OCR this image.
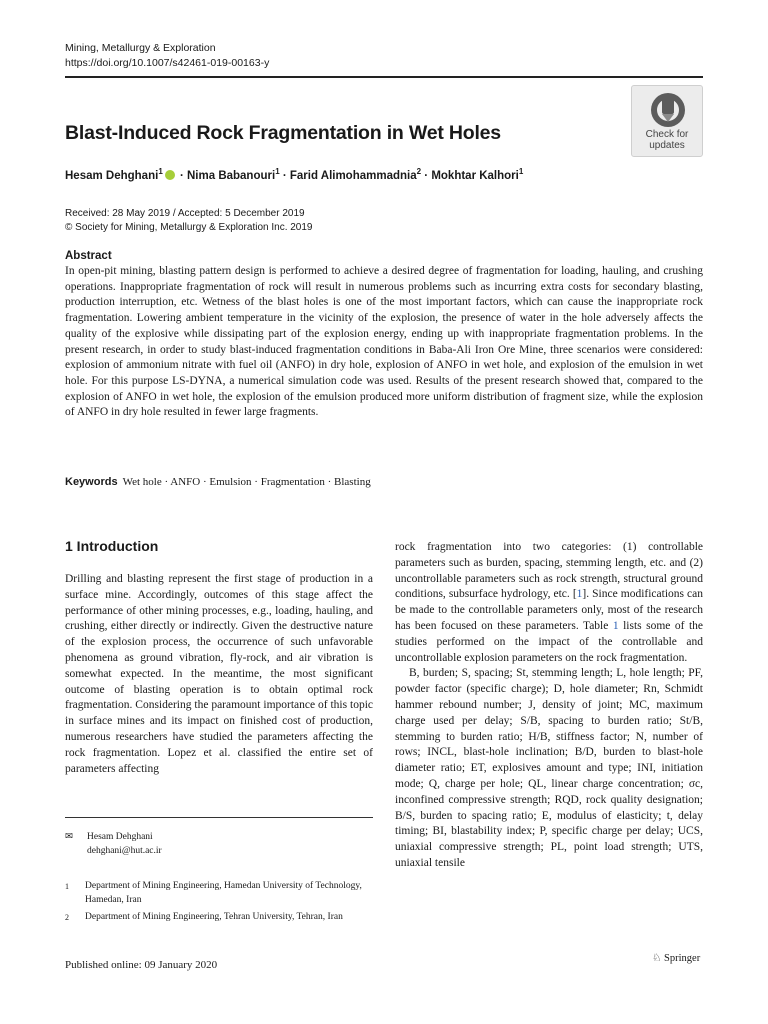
Mining, Metallurgy & Exploration
https://doi.org/10.1007/s42461-019-00163-y
Blast-Induced Rock Fragmentation in Wet Holes	Check for
updates
Hesam Dehghani$^1$ · Nima Babanouri$^1$ · Farid Alimohammadnia$^2$ · Mokhtar Kalhori$^1$
Received: 28 May 2019 / Accepted: 5 December 2019
© Society for Mining, Metallurgy & Exploration Inc. 2019
Abstract
In open-pit mining, blasting pattern design is performed to achieve a desired degree of fragmentation for loading, hauling, and crushing operations. Inappropriate fragmentation of rock will result in numerous problems such as incurring extra costs for secondary blasting, production interruption, etc. Wetness of the blast holes is one of the most important factors, which can cause the inappropriate rock fragmentation. Lowering ambient temperature in the vicinity of the explosion, the presence of water in the hole adversely affects the quality of the explosive while dissipating part of the explosion energy, ending up with inappropriate fragmentation problems. In the present research, in order to study blast-induced fragmentation conditions in Baba-Ali Iron Ore Mine, three scenarios were considered: explosion of ammonium nitrate with fuel oil (ANFO) in dry hole, explosion of ANFO in wet hole, and explosion of the emulsion in wet hole. For this purpose LS-DYNA, a numerical simulation code was used. Results of the present research showed that, compared to the explosion of ANFO in wet hole, the explosion of the emulsion produced more uniform distribution of fragment size, while the explosion of ANFO in dry hole resulted in fewer large fragments.
Keywords Wet hole · ANFO · Emulsion · Fragmentation · Blasting
1 Introduction
Drilling and blasting represent the first stage of production in a surface mine. Accordingly, outcomes of this stage affect the performance of other mining processes, e.g., loading, hauling, and crushing, either directly or indirectly. Given the destructive nature of the explosion process, the occurrence of such unfavorable phenomena as ground vibration, fly-rock, and air vibration is somewhat expected. In the meantime, the most significant outcome of blasting operation is to obtain optimal rock fragmentation. Considering the paramount importance of this topic in surface mines and its impact on finished cost of production, numerous researchers have studied the parameters affecting the rock fragmentation. Lopez et al. classified the entire set of parameters affecting

rock fragmentation into two categories: (1) controllable parameters such as burden, spacing, stemming length, etc. and (2) uncontrollable parameters such as rock strength, structural ground conditions, subsurface hydrology, etc. [1]. Since modifications can be made to the controllable parameters only, most of the research has been focused on these parameters. Table 1 lists some of the studies performed on the impact of the controllable and uncontrollable explosion parameters on the rock fragmentation.

B, burden; S, spacing; St, stemming length; L, hole length; PF, powder factor (specific charge); D, hole diameter; Rn, Schmidt hammer rebound number; J, density of joint; MC, maximum charge used per delay; S/B, spacing to burden ratio; St/B, stemming to burden ratio; H/B, stiffness factor; N, number of rows; INCL, blast-hole inclination; B/D, burden to blast-hole diameter ratio; ET, explosives amount and type; INI, initiation mode; Q, charge per hole; QL, linear charge concentration; σc, inconfined compressive strength; RQD, rock quality designation; B/S, burden to spacing ratio; E, modulus of elasticity; t, delay timing; BI, blastability index; P, specific charge per delay; UCS, uniaxial compressive strength; PL, point load strength; UTS, uniaxial tensile

✉	Hesam Dehghani
dehghani@hut.ac.ir
1	Department of Mining Engineering, Hamedan University of Technology, Hamedan, Iran
2	Department of Mining Engineering, Tehran University, Tehran, Iran
Published online: 09 January 2020
♘ Springer
